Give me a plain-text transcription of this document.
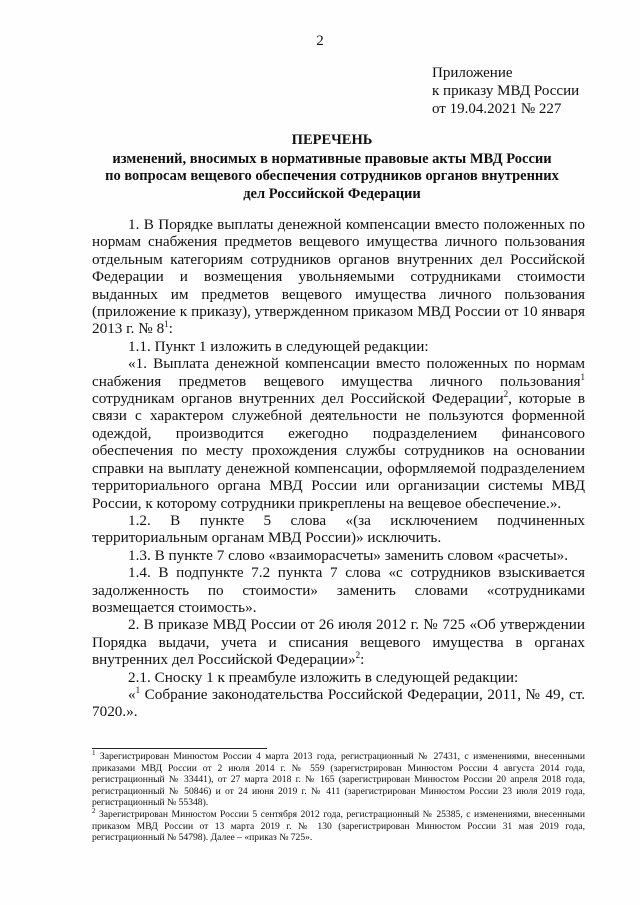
2
Приложение
к приказу МВД России
от 19.04.2021 № 227
ПЕРЕЧЕНЬ
изменений, вносимых в нормативные правовые акты МВД России
по вопросам вещевого обеспечения сотрудников органов внутренних
дел Российской Федерации

1. В Порядке выплаты денежной компенсации вместо положенных по нормам снабжения предметов вещевого имущества личного пользования отдельным категориям сотрудников органов внутренних дел Российской Федерации и возмещения увольняемыми сотрудниками стоимости выданных им предметов вещевого имущества личного пользования (приложение к приказу), утвержденном приказом МВД России от 10 января 2013 г. № $8^1$:

1.1. Пункт 1 изложить в следующей редакции:

«1. Выплата денежной компенсации вместо положенных по нормам снабжения предметов вещевого имущества личного пользования$^1$ сотрудникам органов внутренних дел Российской Федерации$^2$, которые в связи с характером служебной деятельности не пользуются форменной одеждой, производится ежегодно подразделением финансового обеспечения по месту прохождения службы сотрудников на основании справки на выплату денежной компенсации, оформляемой подразделением территориального органа МВД России или организации системы МВД России, к которому сотрудники прикреплены на вещевое обеспечение.».

1.2. В пункте 5 слова «(за исключением подчиненных территориальным органам МВД России)» исключить.

1.3. В пункте 7 слово «взаиморасчеты» заменить словом «расчеты».

1.4. В подпункте 7.2 пункта 7 слова «с сотрудников взыскивается задолженность по стоимости» заменить словами «сотрудниками возмещается стоимость».

2. В приказе МВД России от 26 июля 2012 г. № 725 «Об утверждении Порядка выдачи, учета и списания вещевого имущества в органах внутренних дел Российской Федерации»$^2$:

2.1. Сноску 1 к преамбуле изложить в следующей редакции:

«$^1$ Собрание законодательства Российской Федерации, 2011, № 49, ст. 7020.».

$^1$ Зарегистрирован Минюстом России 4 марта 2013 года, регистрационный № 27431, с изменениями, внесенными приказами МВД России от 2 июля 2014 г. № 559 (зарегистрирован Минюстом России 4 августа 2014 года, регистрационный № 33441), от 27 марта 2018 г. № 165 (зарегистрирован Минюстом России 20 апреля 2018 года, регистрационный № 50846) и от 24 июня 2019 г. № 411 (зарегистрирован Минюстом России 23 июля 2019 года, регистрационный № 55348).

$^2$ Зарегистрирован Минюстом России 5 сентября 2012 года, регистрационный № 25385, с изменениями, внесенными приказом МВД России от 13 марта 2019 г. № 130 (зарегистрирован Минюстом России 31 мая 2019 года, регистрационный № 54798). Далее – «приказ № 725».
